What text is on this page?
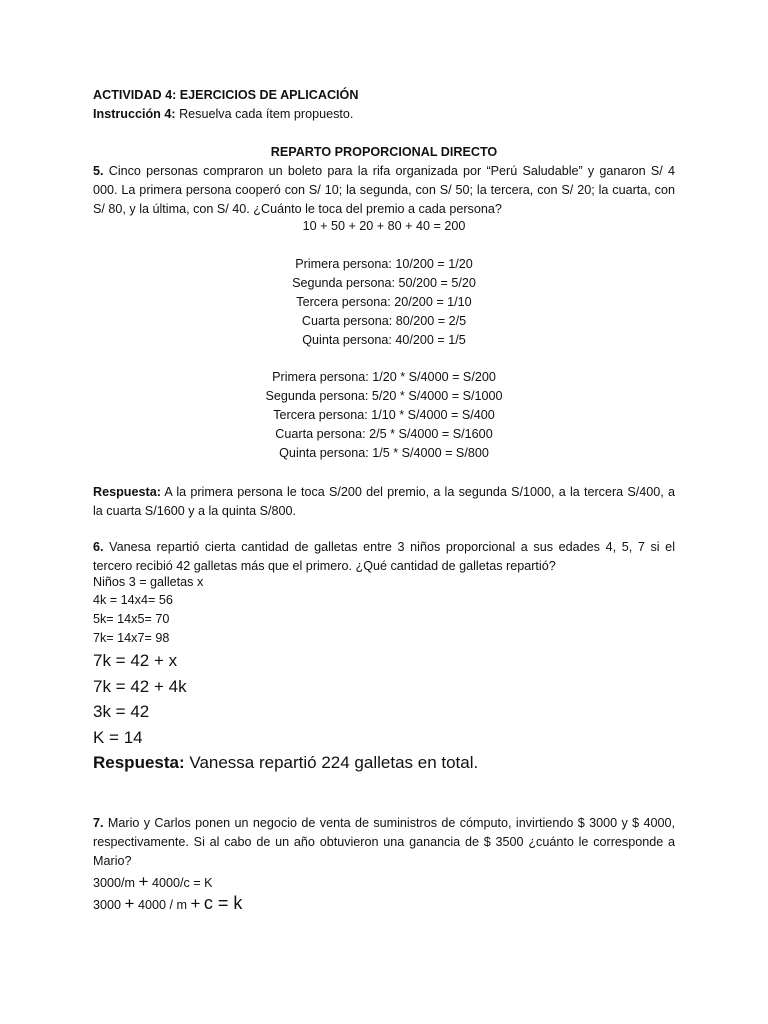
ACTIVIDAD 4: EJERCICIOS DE APLICACIÓN
Instrucción 4: Resuelva cada ítem propuesto.
REPARTO PROPORCIONAL DIRECTO
5. Cinco personas compraron un boleto para la rifa organizada por “Perú Saludable” y ganaron S/ 4 000. La primera persona cooperó con S/ 10; la segunda, con S/ 50; la tercera, con S/ 20; la cuarta, con S/ 80, y la última, con S/ 40. ¿Cuánto le toca del premio a cada persona?
10 + 50 + 20 + 80 + 40 = 200
Primera persona: 10/200 = 1/20
Segunda persona: 50/200 = 5/20
Tercera persona: 20/200 = 1/10
Cuarta persona: 80/200 = 2/5
Quinta persona: 40/200 = 1/5
Primera persona: 1/20 * S/4000 = S/200
Segunda persona: 5/20 * S/4000 = S/1000
Tercera persona: 1/10 * S/4000 = S/400
Cuarta persona: 2/5 * S/4000 = S/1600
Quinta persona: 1/5 * S/4000 = S/800
Respuesta: A la primera persona le toca S/200 del premio, a la segunda S/1000, a la tercera S/400, a la cuarta S/1600 y a la quinta S/800.
6. Vanesa repartió cierta cantidad de galletas entre 3 niños proporcional a sus edades 4, 5, 7 si el tercero recibió 42 galletas más que el primero. ¿Qué cantidad de galletas repartió?
Niños 3 = galletas x
4k = 14x4= 56
5k= 14x5= 70
7k= 14x7= 98
7k = 42 + x
7k = 42 + 4k
3k = 42
K = 14
Respuesta: Vanessa repartió 224 galletas en total.
7. Mario y Carlos ponen un negocio de venta de suministros de cómputo, invirtiendo $ 3000 y $ 4000, respectivamente. Si al cabo de un año obtuvieron una ganancia de $ 3500 ¿cuánto le corresponde a Mario?
3000/m + 4000/c = K
3000 + 4000 / m + c = k
